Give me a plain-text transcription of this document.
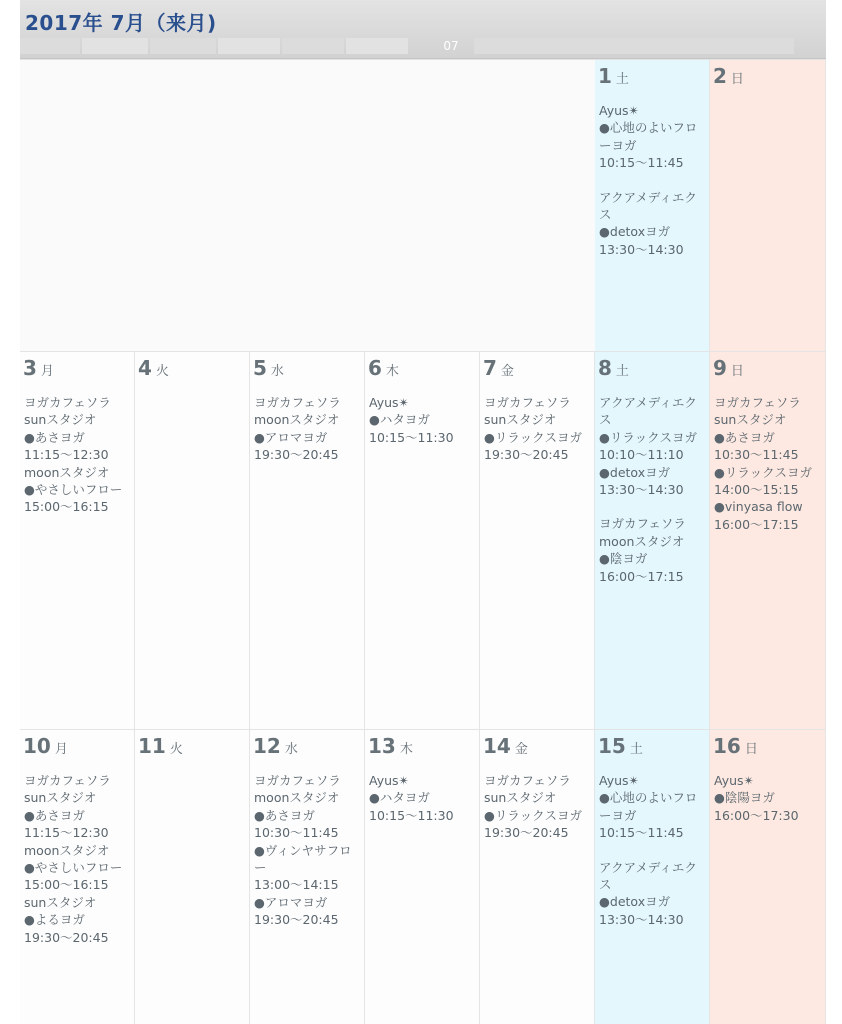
2017年 7月（来月)
07
1 土
Ayus✴
●心地のよいフロ
ーヨガ
10:15〜11:45
アクアメディエク
ス
●detoxヨガ
13:30〜14:30
2 日
3 月
ヨガカフェソラ
sunスタジオ
●あさヨガ
11:15〜12:30
moonスタジオ
●やさしいフロー
15:00〜16:15
4 火	5 水
ヨガカフェソラ
moonスタジオ
●アロマヨガ
19:30〜20:45
6 木
Ayus✴
●ハタヨガ
10:15〜11:30
7 金
ヨガカフェソラ
sunスタジオ
●リラックスヨガ
19:30〜20:45
8 土
アクアメディエク
ス
●リラックスヨガ
10:10〜11:10
●detoxヨガ
13:30〜14:30
ヨガカフェソラ
moonスタジオ
●陰ヨガ
16:00〜17:15
9 日
ヨガカフェソラ
sunスタジオ
●あさヨガ
10:30〜11:45
●リラックスヨガ
14:00〜15:15
●vinyasa flow
16:00〜17:15
10 月
ヨガカフェソラ
sunスタジオ
●あさヨガ
11:15〜12:30
moonスタジオ
●やさしいフロー
15:00〜16:15
sunスタジオ
●よるヨガ
19:30〜20:45
11 火	12 水
ヨガカフェソラ
moonスタジオ
●あさヨガ
10:30〜11:45
●ヴィンヤサフロ
ー
13:00〜14:15
●アロマヨガ
19:30〜20:45
13 木
Ayus✴
●ハタヨガ
10:15〜11:30
14 金
ヨガカフェソラ
sunスタジオ
●リラックスヨガ
19:30〜20:45
15 土
Ayus✴
●心地のよいフロ
ーヨガ
10:15〜11:45
アクアメディエク
ス
●detoxヨガ
13:30〜14:30
16 日
Ayus✴
●陰陽ヨガ
16:00〜17:30
